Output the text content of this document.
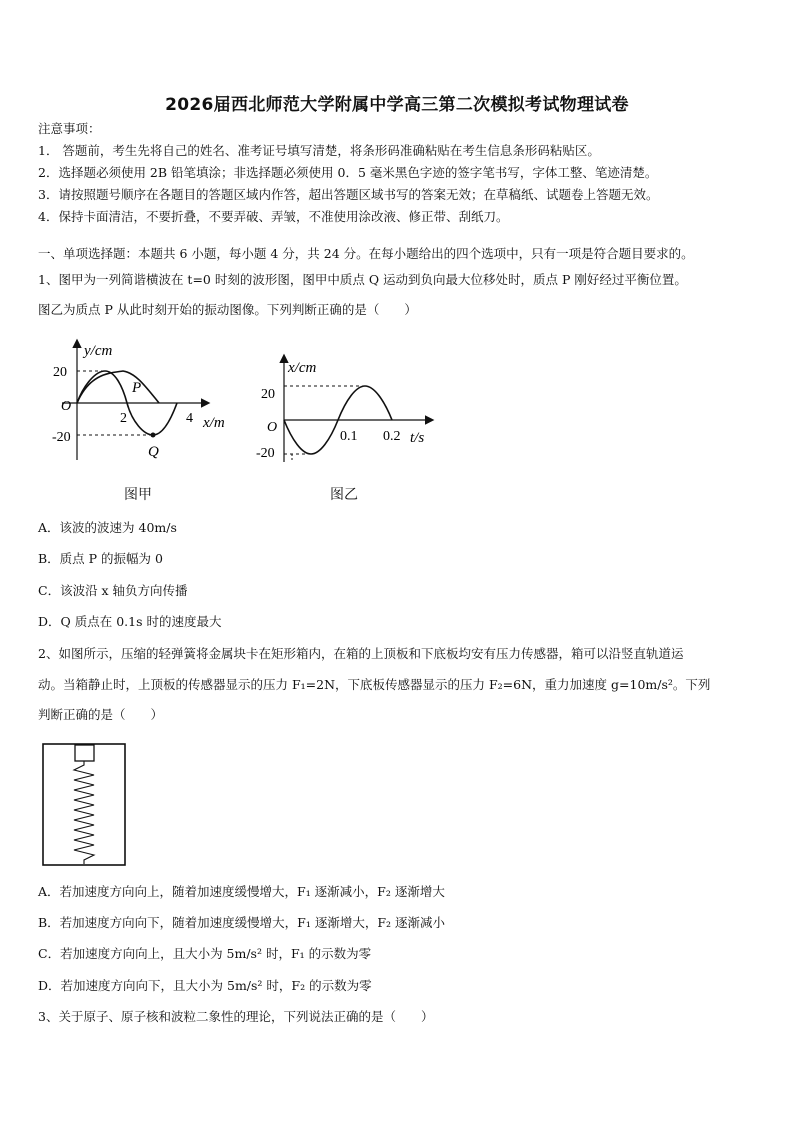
2026届西北师范大学附属中学高三第二次模拟考试物理试卷
注意事项：
1． 答题前，考生先将自己的姓名、准考证号填写清楚，将条形码准确粘贴在考生信息条形码粘贴区。
2．选择题必须使用 2B 铅笔填涂；非选择题必须使用 0．5 毫米黑色字迹的签字笔书写，字体工整、笔迹清楚。
3．请按照题号顺序在各题目的答题区域内作答，超出答题区域书写的答案无效；在草稿纸、试题卷上答题无效。
4．保持卡面清洁，不要折叠，不要弄破、弄皱，不准使用涂改液、修正带、刮纸刀。
一、单项选择题：本题共 6 小题，每小题 4 分，共 24 分。在每小题给出的四个选项中，只有一项是符合题目要求的。
1、图甲为一列简谐横波在 t=0 时刻的波形图，图甲中质点 Q 运动到负向最大位移处时，质点 P 刚好经过平衡位置。
图乙为质点 P 从此时刻开始的振动图像。下列判断正确的是（　　）
y/cm
20
O
-20
P
2	4 x/m
Q
图甲
x/cm
20
O
-20
0.1 0.2 t/s
图乙
A．该波的波速为 40m/s
B．质点 P 的振幅为 0
C．该波沿 x 轴负方向传播
D．Q 质点在 0.1s 时的速度最大
2、如图所示，压缩的轻弹簧将金属块卡在矩形箱内，在箱的上顶板和下底板均安有压力传感器，箱可以沿竖直轨道运
动。当箱静止时，上顶板的传感器显示的压力 F₁=2N，下底板传感器显示的压力 F₂=6N，重力加速度 g=10m/s²。下列
判断正确的是（　　）
A．若加速度方向向上，随着加速度缓慢增大，F₁ 逐渐减小，F₂ 逐渐增大
B．若加速度方向向下，随着加速度缓慢增大，F₁ 逐渐增大，F₂ 逐渐减小
C．若加速度方向向上，且大小为 5m/s² 时，F₁ 的示数为零
D．若加速度方向向下，且大小为 5m/s² 时，F₂ 的示数为零
3、关于原子、原子核和波粒二象性的理论，下列说法正确的是（　　）
